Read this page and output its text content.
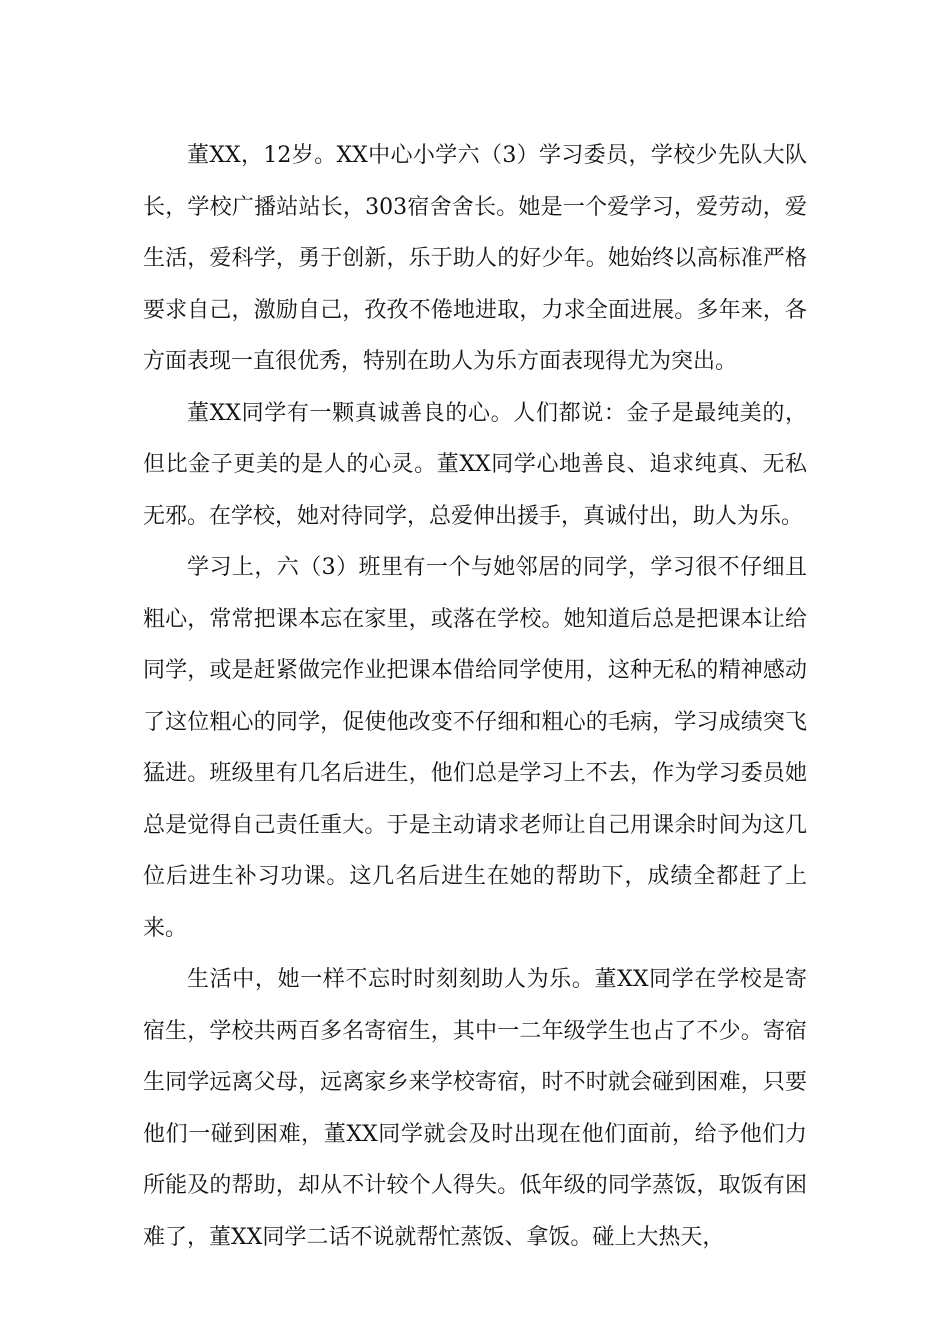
董XX，12岁。XX中心小学六（3）学习委员，学校少先队大队长，学校广播站站长，303宿舍舍长。她是一个爱学习，爱劳动，爱生活，爱科学，勇于创新，乐于助人的好少年。她始终以高标准严格要求自己，激励自己，孜孜不倦地进取，力求全面进展。多年来，各方面表现一直很优秀，特别在助人为乐方面表现得尤为突出。

董XX同学有一颗真诚善良的心。人们都说：金子是最纯美的，但比金子更美的是人的心灵。董XX同学心地善良、追求纯真、无私无邪。在学校，她对待同学，总爱伸出援手，真诚付出，助人为乐。

学习上，六（3）班里有一个与她邻居的同学，学习很不仔细且粗心，常常把课本忘在家里，或落在学校。她知道后总是把课本让给同学，或是赶紧做完作业把课本借给同学使用，这种无私的精神感动了这位粗心的同学，促使他改变不仔细和粗心的毛病，学习成绩突飞猛进。班级里有几名后进生，他们总是学习上不去，作为学习委员她总是觉得自己责任重大。于是主动请求老师让自己用课余时间为这几位后进生补习功课。这几名后进生在她的帮助下，成绩全都赶了上来。

生活中，她一样不忘时时刻刻助人为乐。董XX同学在学校是寄宿生，学校共两百多名寄宿生，其中一二年级学生也占了不少。寄宿生同学远离父母，远离家乡来学校寄宿，时不时就会碰到困难，只要他们一碰到困难，董XX同学就会及时出现在他们面前，给予他们力所能及的帮助，却从不计较个人得失。低年级的同学蒸饭，取饭有困难了，董XX同学二话不说就帮忙蒸饭、拿饭。碰上大热天，
